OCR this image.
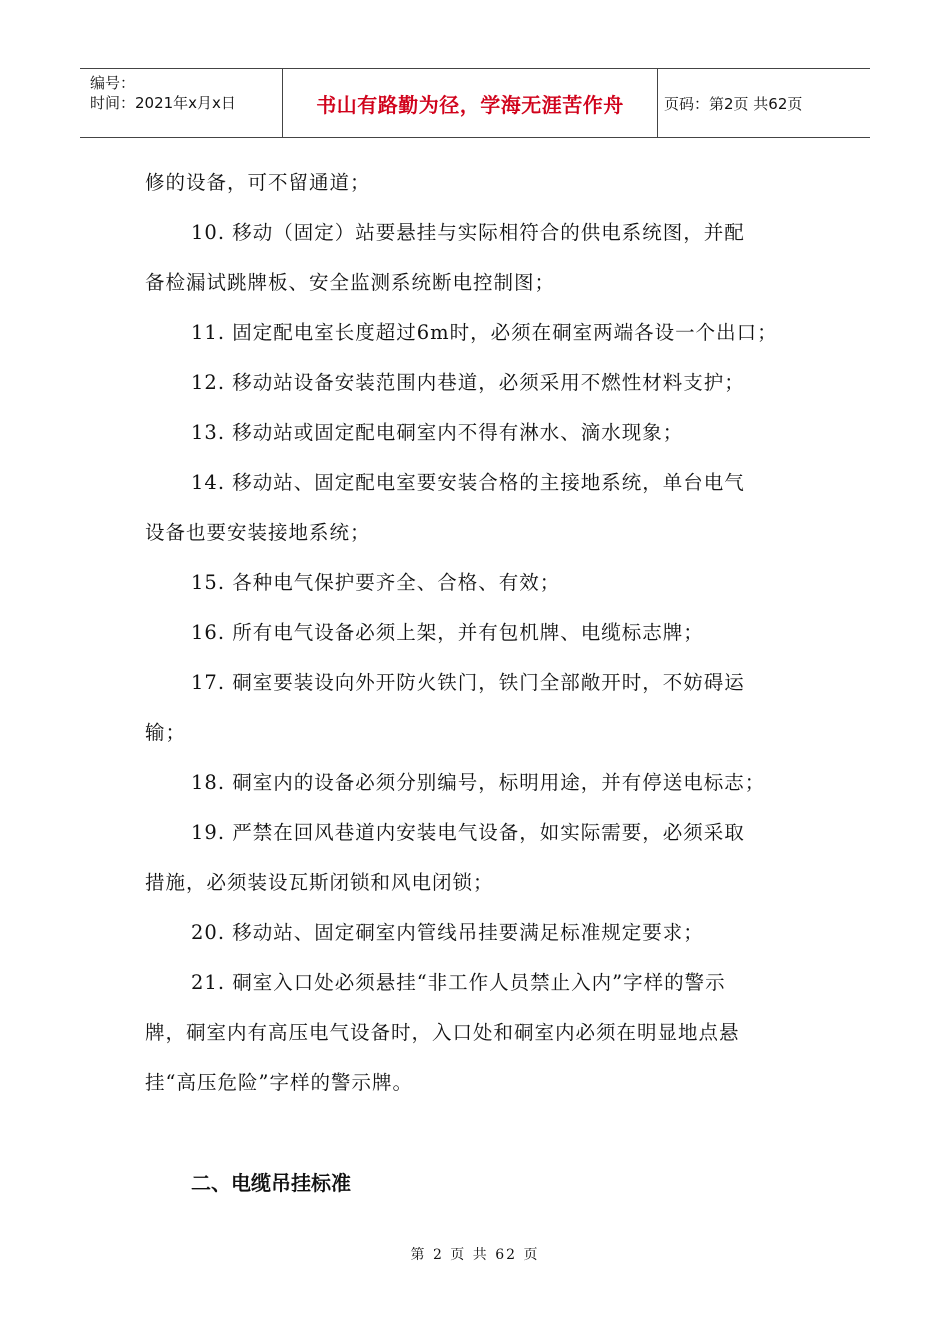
编号：
时间：2021年x月x日	书山有路勤为径，学海无涯苦作舟	页码：第2页 共62页
修的设备，可不留通道；
10. 移动（固定）站要悬挂与实际相符合的供电系统图，并配
备检漏试跳牌板、安全监测系统断电控制图；
11. 固定配电室长度超过6m时，必须在硐室两端各设一个出口；
12. 移动站设备安装范围内巷道，必须采用不燃性材料支护；
13. 移动站或固定配电硐室内不得有淋水、滴水现象；
14. 移动站、固定配电室要安装合格的主接地系统，单台电气
设备也要安装接地系统；
15. 各种电气保护要齐全、合格、有效；
16. 所有电气设备必须上架，并有包机牌、电缆标志牌；
17. 硐室要装设向外开防火铁门，铁门全部敞开时，不妨碍运
输；
18. 硐室内的设备必须分别编号，标明用途，并有停送电标志；
19. 严禁在回风巷道内安装电气设备，如实际需要，必须采取
措施，必须装设瓦斯闭锁和风电闭锁；
20. 移动站、固定硐室内管线吊挂要满足标准规定要求；
21. 硐室入口处必须悬挂“非工作人员禁止入内”字样的警示
牌，硐室内有高压电气设备时，入口处和硐室内必须在明显地点悬
挂“高压危险”字样的警示牌。
二、电缆吊挂标准
第 2 页 共 62 页
